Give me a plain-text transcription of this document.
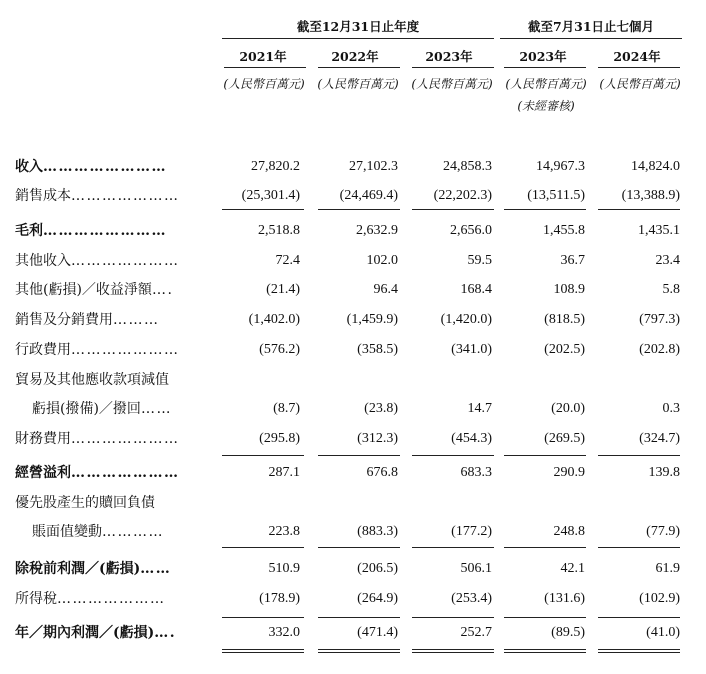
截至12月31日止年度	截至7月31日止七個月
2021年	2022年	2023年	2023年	2024年
(人民幣百萬元)	(人民幣百萬元)	(人民幣百萬元)	(人民幣百萬元)	(人民幣百萬元)
(未經審核)
收入……………………	27,820.2	27,102.3	24,858.3	14,967.3	14,824.0
銷售成本…………………	(25,301.4)	(24,469.4)	(22,202.3)	(13,511.5)	(13,388.9)
毛利……………………	2,518.8	2,632.9	2,656.0	1,455.8	1,435.1
其他收入…………………	72.4	102.0	59.5	36.7	23.4
其他(虧損)／收益淨額….	(21.4)	96.4	168.4	108.9	5.8
銷售及分銷費用………	(1,402.0)	(1,459.9)	(1,420.0)	(818.5)	(797.3)
行政費用…………………	(576.2)	(358.5)	(341.0)	(202.5)	(202.8)
貿易及其他應收款項減值
虧損(撥備)／撥回……	(8.7)	(23.8)	14.7	(20.0)	0.3
財務費用…………………	(295.8)	(312.3)	(454.3)	(269.5)	(324.7)
經營溢利…………………	287.1	676.8	683.3	290.9	139.8
優先股產生的贖回負債
賬面值變動…………	223.8	(883.3)	(177.2)	248.8	(77.9)
除稅前利潤／(虧損)……	510.9	(206.5)	506.1	42.1	61.9
所得稅…………………	(178.9)	(264.9)	(253.4)	(131.6)	(102.9)
年／期內利潤／(虧損)….	332.0	(471.4)	252.7	(89.5)	(41.0)
